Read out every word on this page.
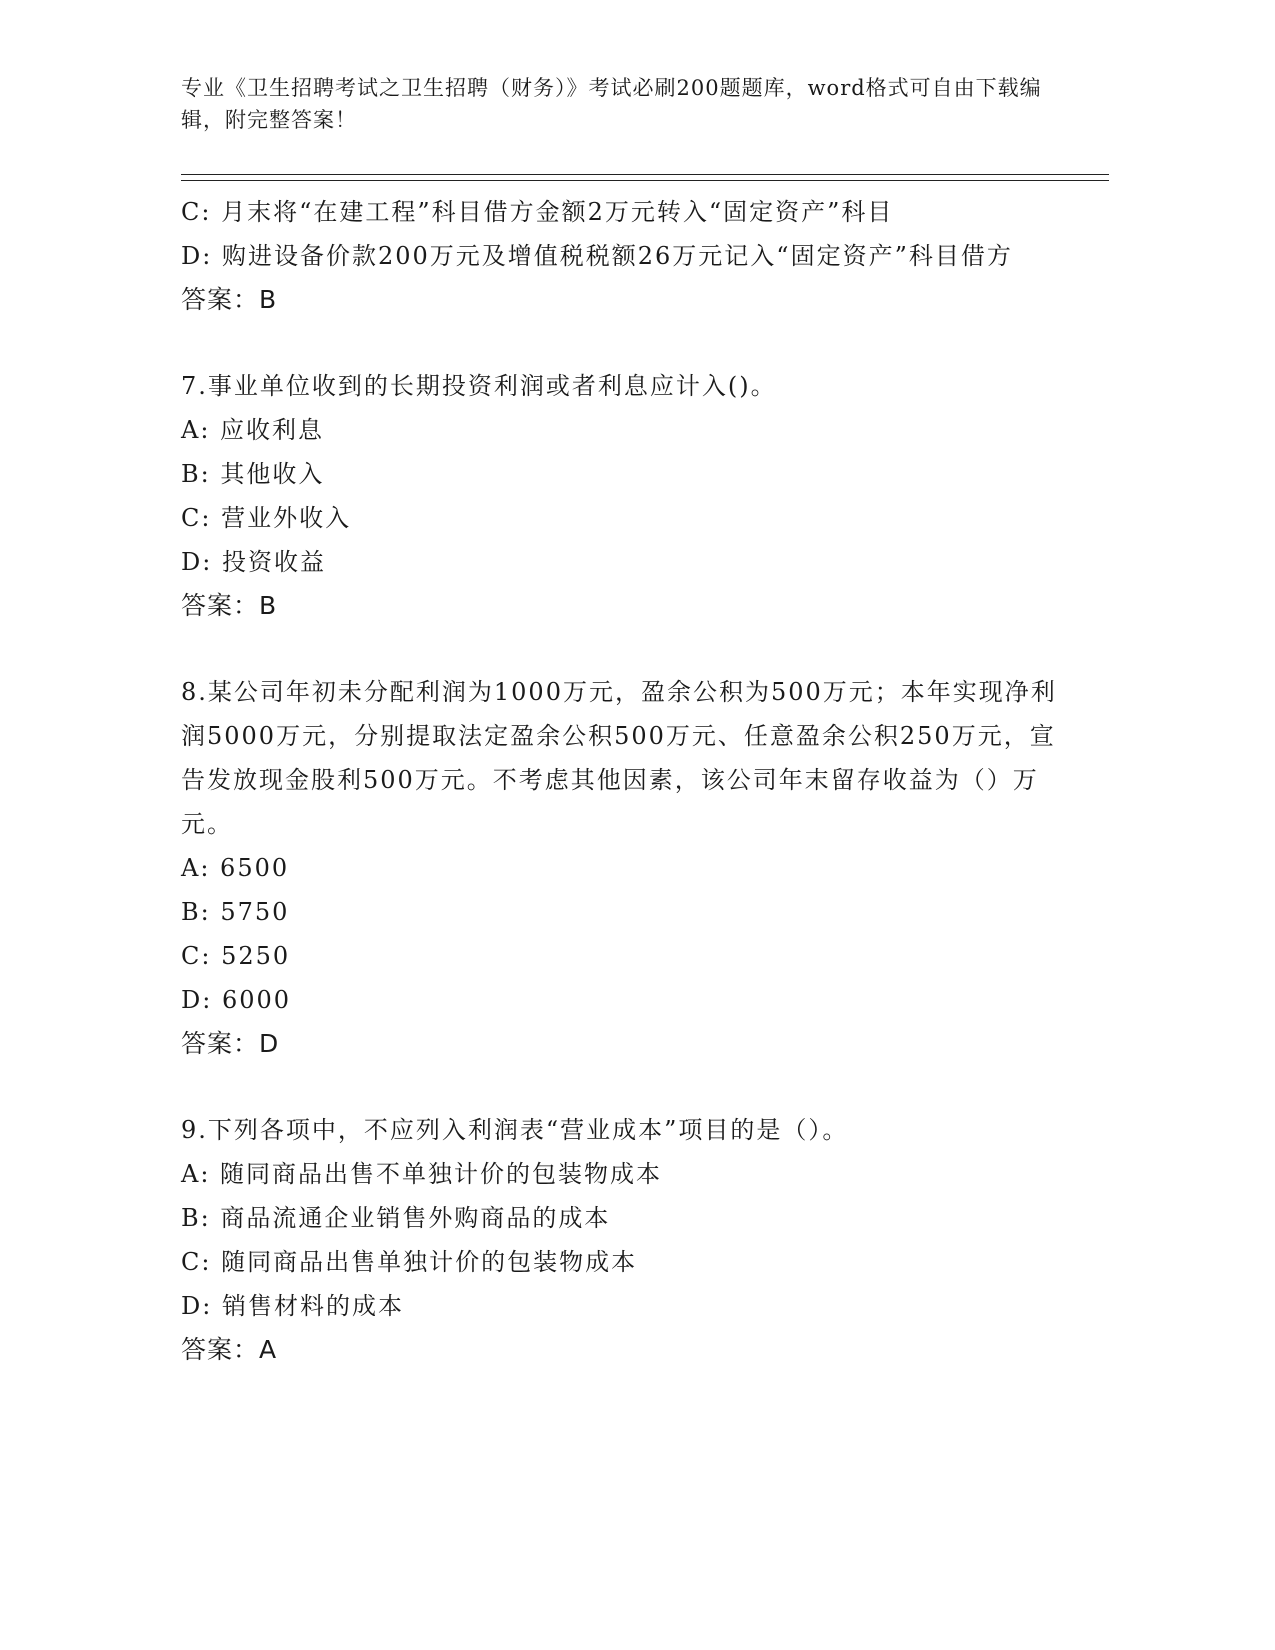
专业《卫生招聘考试之卫生招聘（财务）》考试必刷200题题库，word格式可自由下载编辑，附完整答案！
C: 月末将“在建工程”科目借方金额2万元转入“固定资产”科目
D: 购进设备价款200万元及增值税税额26万元记入“固定资产”科目借方
答案：B
7.事业单位收到的长期投资利润或者利息应计入()。
A: 应收利息
B: 其他收入
C: 营业外收入
D: 投资收益
答案：B
8.某公司年初未分配利润为1000万元，盈余公积为500万元；本年实现净利润5000万元，分别提取法定盈余公积500万元、任意盈余公积250万元，宣告发放现金股利500万元。不考虑其他因素，该公司年末留存收益为（）万元。
A: 6500
B: 5750
C: 5250
D: 6000
答案：D
9.下列各项中，不应列入利润表“营业成本”项目的是（）。
A: 随同商品出售不单独计价的包装物成本
B: 商品流通企业销售外购商品的成本
C: 随同商品出售单独计价的包装物成本
D: 销售材料的成本
答案：A
